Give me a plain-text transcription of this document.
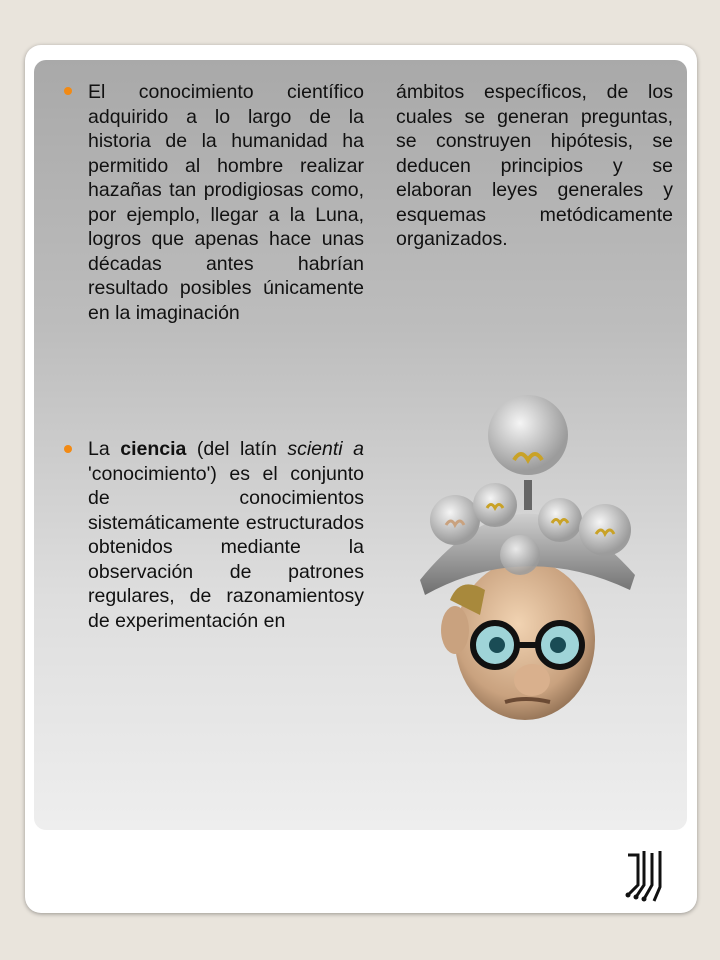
El conocimiento científico adquirido a lo largo de la historia de la humanidad ha permitido al hombre realizar hazañas tan prodigiosas como, por ejemplo, llegar a la Luna, logros que apenas hace unas décadas antes habrían resultado posibles únicamente en la imaginación
La ciencia (del latín scienti a 'conocimiento') es el conjunto de conocimientos sistemáticamente estructurados obtenidos mediante la observación de patrones regulares, de razonamientosy de experimentación en
ámbitos específicos, de los cuales se generan preguntas, se construyen hipótesis, se deducen principios y se elaboran leyes generales y esquemas metódicamente organizados.
